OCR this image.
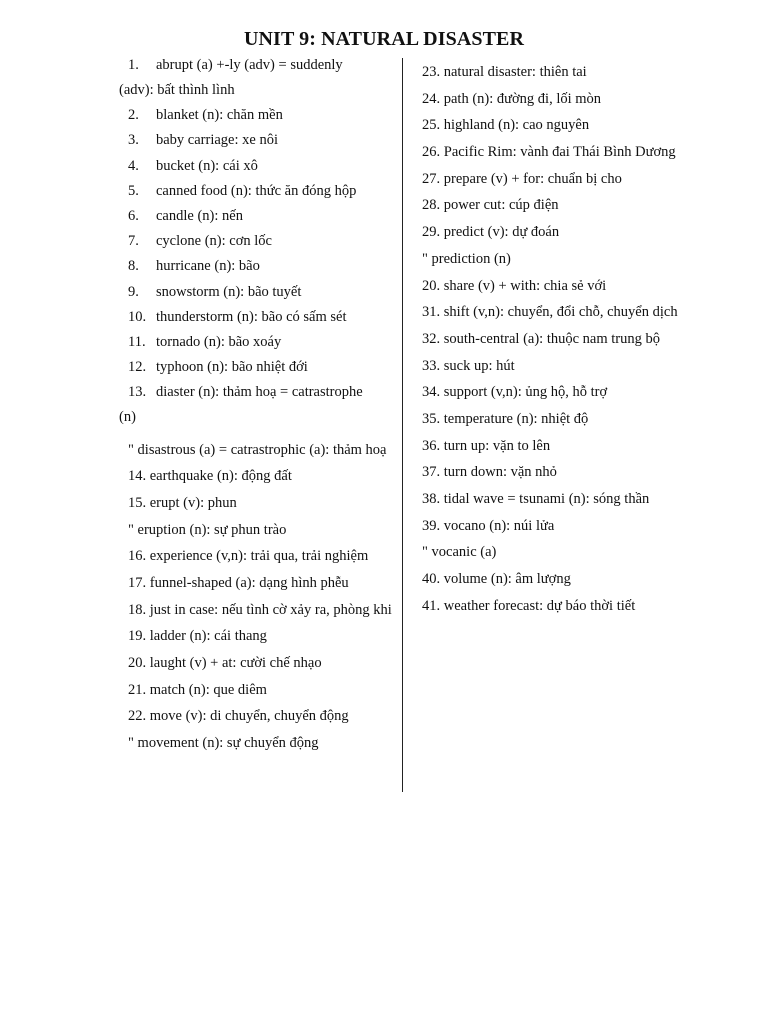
UNIT 9: NATURAL DISASTER

1. abrupt (a) +-ly (adv) = suddenly

(adv): bất thình lình

2. blanket (n): chăn mền

3. baby carriage: xe nôi

4. bucket (n): cái xô

5. canned food (n): thức ăn đóng hộp

6. candle (n): nến

7. cyclone (n): cơn lốc

8. hurricane (n): bão

9. snowstorm (n): bão tuyết

10. thunderstorm (n): bão có sấm sét

11. tornado (n): bão xoáy

12. typhoon (n): bão nhiệt đới

13. diaster (n): thảm hoạ = catrastrophe

(n)

" disastrous (a) = catrastrophic (a): thảm hoạ

14. earthquake (n): động đất

15. erupt (v): phun

" eruption (n): sự phun trào

16. experience (v,n): trải qua, trải nghiệm

17. funnel-shaped (a): dạng hình phễu

18. just in case: nếu tình cờ xảy ra, phòng khi

19. ladder (n): cái thang

20. laught (v) + at: cười chế nhạo

21. match (n): que diêm

22. move (v): di chuyển, chuyển động

" movement (n): sự chuyển động

23. natural disaster: thiên tai

24. path (n): đường đi, lối mòn

25. highland (n): cao nguyên

26. Pacific Rim: vành đai Thái Bình Dương

27. prepare (v) + for: chuẩn bị cho

28. power cut: cúp điện

29. predict (v): dự đoán

" prediction (n)

20. share (v) + with: chia sẻ với

31. shift (v,n): chuyển, đổi chỗ, chuyển dịch

32. south-central (a): thuộc nam trung bộ

33. suck up: hút

34. support (v,n): ủng hộ, hỗ trợ

35. temperature (n): nhiệt độ

36. turn up: vặn to lên

37. turn down: vặn nhỏ

38. tidal wave = tsunami (n): sóng thần

39. vocano (n): núi lửa

" vocanic (a)

40. volume (n): âm lượng

41. weather forecast: dự báo thời tiết
